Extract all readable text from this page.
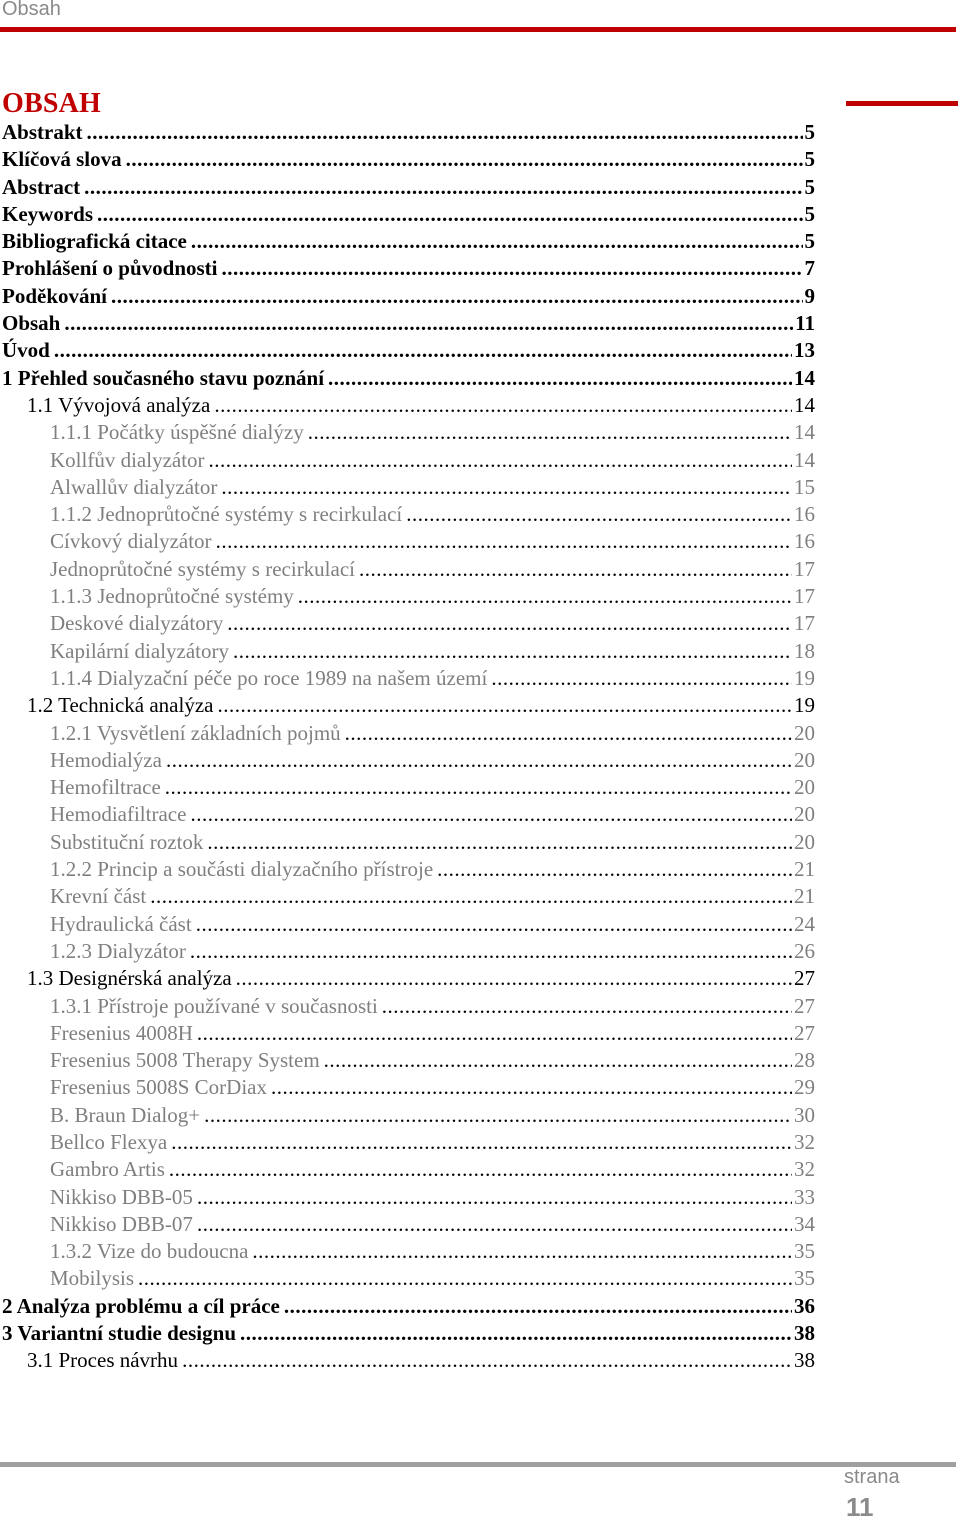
Obsah
OBSAH
Abstrakt .....	5
Klíčová slova .....	5
Abstract .....	5
Keywords .....	5
Bibliografická citace .....	5
Prohlášení o původnosti .....	7
Poděkování .....	9
Obsah .....	11
Úvod .....	13
1 Přehled současného stavu poznání .....	14
1.1 Vývojová analýza .....	14
1.1.1 Počátky úspěšné dialýzy .....	14
Kollfův dialyzátor .....	14
Alwallův dialyzátor .....	15
1.1.2 Jednoprůtočné systémy s recirkulací .....	16
Cívkový dialyzátor .....	16
Jednoprůtočné systémy s recirkulací .....	17
1.1.3 Jednoprůtočné systémy .....	17
Deskové dialyzátory .....	17
Kapilární dialyzátory .....	18
1.1.4 Dialyzační péče po roce 1989 na našem území .....	19
1.2 Technická analýza .....	19
1.2.1 Vysvětlení základních pojmů .....	20
Hemodialýza .....	20
Hemofiltrace .....	20
Hemodiafiltrace .....	20
Substituční roztok .....	20
1.2.2 Princip a součásti dialyzačního přístroje .....	21
Krevní část .....	21
Hydraulická část .....	24
1.2.3 Dialyzátor .....	26
1.3 Designérská analýza .....	27
1.3.1 Přístroje používané v současnosti .....	27
Fresenius 4008H .....	27
Fresenius 5008 Therapy System .....	28
Fresenius 5008S CorDiax .....	29
B. Braun Dialog+ .....	30
Bellco Flexya .....	32
Gambro Artis .....	32
Nikkiso DBB-05 .....	33
Nikkiso DBB-07 .....	34
1.3.2 Vize do budoucna .....	35
Mobilysis .....	35
2 Analýza problému a cíl práce .....	36
3 Variantní studie designu .....	38
3.1 Proces návrhu .....	38
strana
11
